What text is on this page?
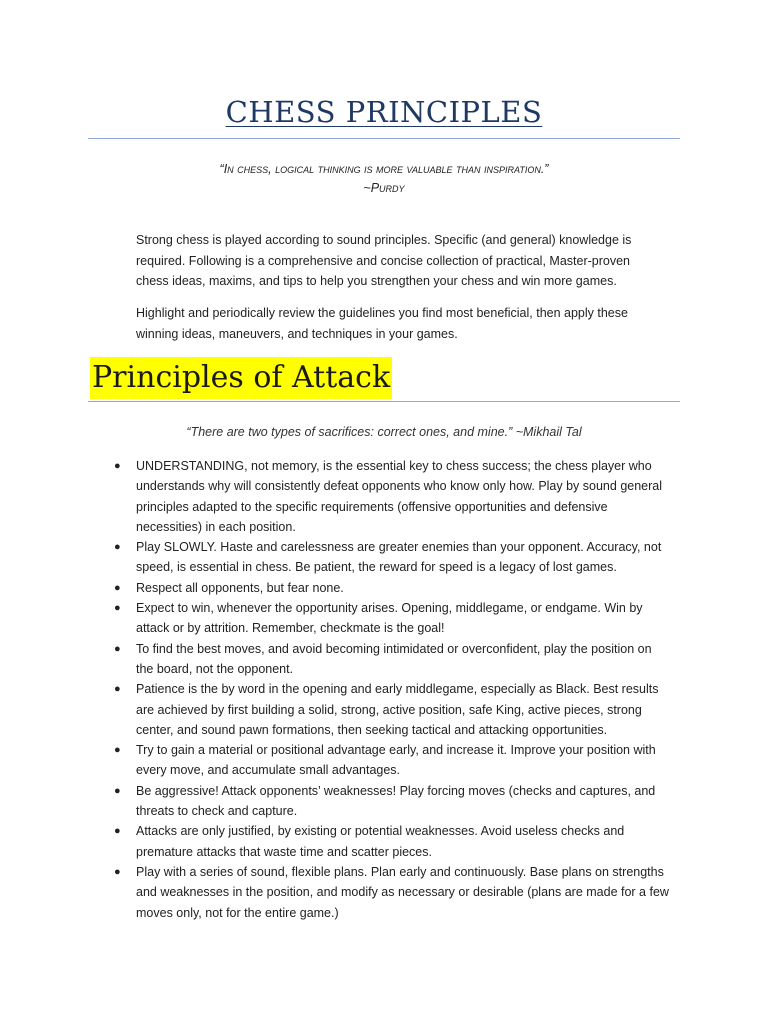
CHESS PRINCIPLES
“In chess, logical thinking is more valuable than inspiration.”
~Purdy
Strong chess is played according to sound principles. Specific (and general) knowledge is required. Following is a comprehensive and concise collection of practical, Master-proven chess ideas, maxims, and tips to help you strengthen your chess and win more games.
Highlight and periodically review the guidelines you find most beneficial, then apply these winning ideas, maneuvers, and techniques in your games.
Principles of Attack
“There are two types of sacrifices: correct ones, and mine.” ~Mikhail Tal
● UNDERSTANDING, not memory, is the essential key to chess success; the chess player who understands why will consistently defeat opponents who know only how. Play by sound general principles adapted to the specific requirements (offensive opportunities and defensive necessities) in each position.
● Play SLOWLY. Haste and carelessness are greater enemies than your opponent. Accuracy, not speed, is essential in chess. Be patient, the reward for speed is a legacy of lost games.
● Respect all opponents, but fear none.
● Expect to win, whenever the opportunity arises. Opening, middlegame, or endgame. Win by attack or by attrition. Remember, checkmate is the goal!
● To find the best moves, and avoid becoming intimidated or overconfident, play the position on the board, not the opponent.
● Patience is the by word in the opening and early middlegame, especially as Black. Best results are achieved by first building a solid, strong, active position, safe King, active pieces, strong center, and sound pawn formations, then seeking tactical and attacking opportunities.
● Try to gain a material or positional advantage early, and increase it. Improve your position with every move, and accumulate small advantages.
● Be aggressive! Attack opponents’ weaknesses! Play forcing moves (checks and captures, and threats to check and capture.
● Attacks are only justified, by existing or potential weaknesses. Avoid useless checks and premature attacks that waste time and scatter pieces.
● Play with a series of sound, flexible plans. Plan early and continuously. Base plans on strengths and weaknesses in the position, and modify as necessary or desirable (plans are made for a few moves only, not for the entire game.)
